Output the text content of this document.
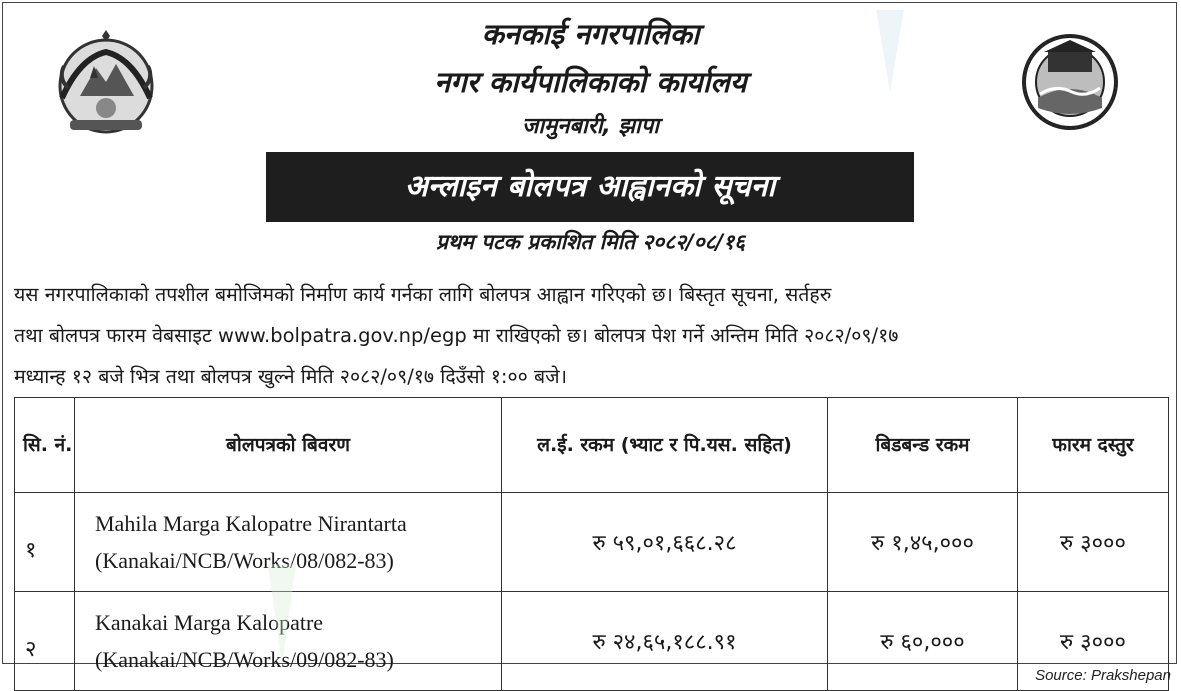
कनकाई नगरपालिका
नगर कार्यपालिकाको कार्यालय
जामुनबारी, झापा
अन्लाइन बोलपत्र आह्वानको सूचना
प्रथम पटक प्रकाशित मिति २०८२/०८/१६
यस नगरपालिकाको तपशील बमोजिमको निर्माण कार्य गर्नका लागि बोलपत्र आह्वान गरिएको छ। बिस्तृत सूचना, सर्तहरु
तथा बोलपत्र फारम वेबसाइट www.bolpatra.gov.np/egp मा राखिएको छ। बोलपत्र पेश गर्ने अन्तिम मिति २०८२/०९/१७
मध्यान्ह १२ बजे भित्र तथा बोलपत्र खुल्ने मिति २०८२/०९/१७ दिउँसो १:०० बजे।
सि. नं.	बोलपत्रको बिवरण	ल.ई. रकम (भ्याट र पि.यस. सहित)	बिडबन्ड रकम	फारम दस्तुर
१	Mahila Marga Kalopatre Nirantarta
(Kanakai/NCB/Works/08/082-83)	रु ५९,०१,६६८.२८	रु १,४५,०००	रु ३०००
२	Kanakai Marga Kalopatre
(Kanakai/NCB/Works/09/082-83)	रु २४,६५,१८८.९१	रु ६०,०००	रु ३०००
Source: Prakshepan
